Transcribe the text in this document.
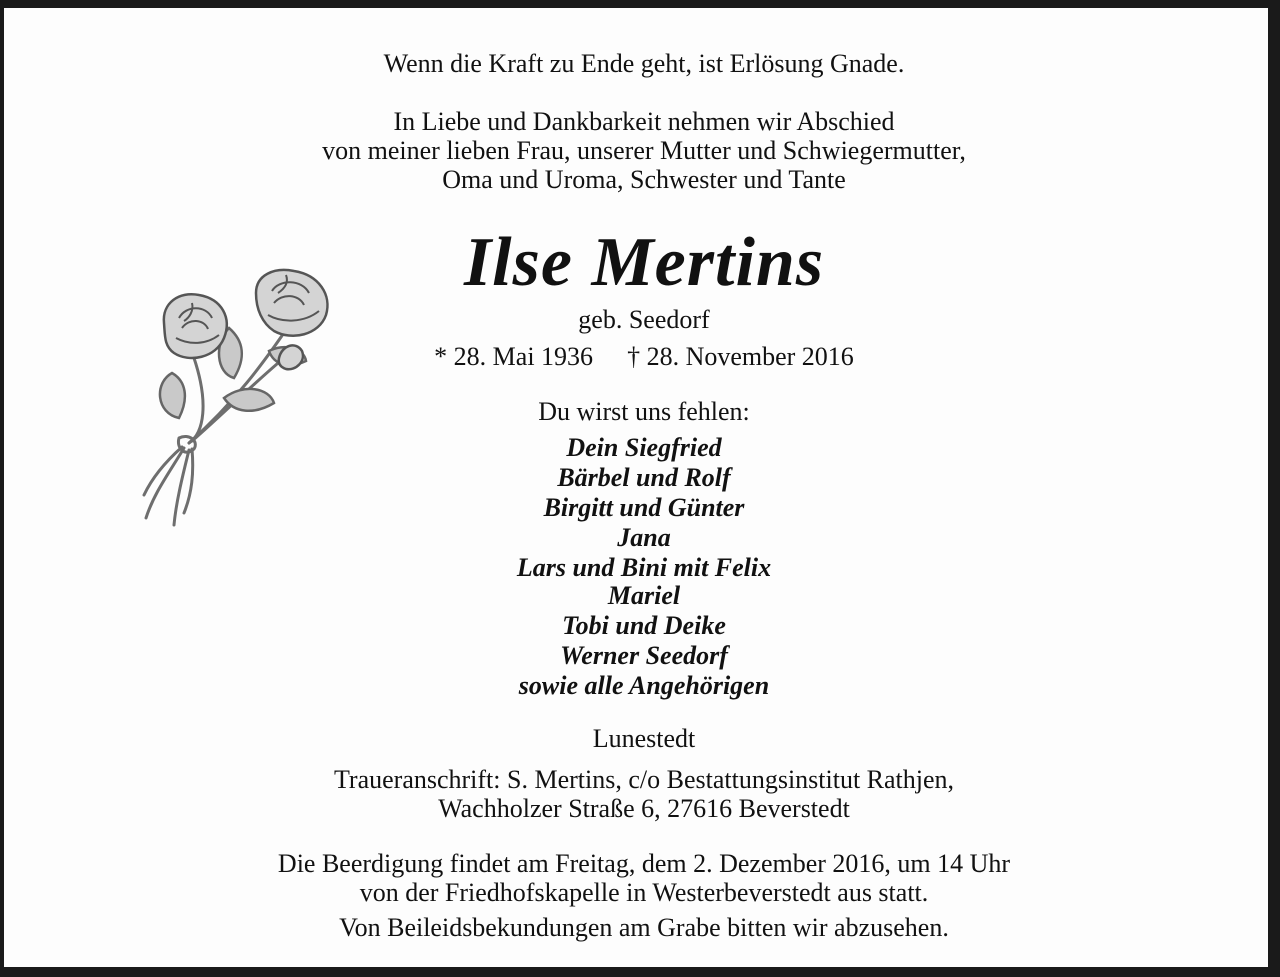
Wenn die Kraft zu Ende geht, ist Erlösung Gnade.
In Liebe und Dankbarkeit nehmen wir Abschied
von meiner lieben Frau, unserer Mutter und Schwiegermutter,
Oma und Uroma, Schwester und Tante
Ilse Mertins
geb. Seedorf
* 28. Mai 1936 † 28. November 2016
Du wirst uns fehlen:
Dein Siegfried
Bärbel und Rolf
Birgitt und Günter
Jana
Lars und Bini mit Felix
Mariel
Tobi und Deike
Werner Seedorf
sowie alle Angehörigen
Lunestedt
Traueranschrift: S. Mertins, c/o Bestattungsinstitut Rathjen,
Wachholzer Straße 6, 27616 Beverstedt
Die Beerdigung findet am Freitag, dem 2. Dezember 2016, um 14 Uhr
von der Friedhofskapelle in Westerbeverstedt aus statt.
Von Beileidsbekundungen am Grabe bitten wir abzusehen.
